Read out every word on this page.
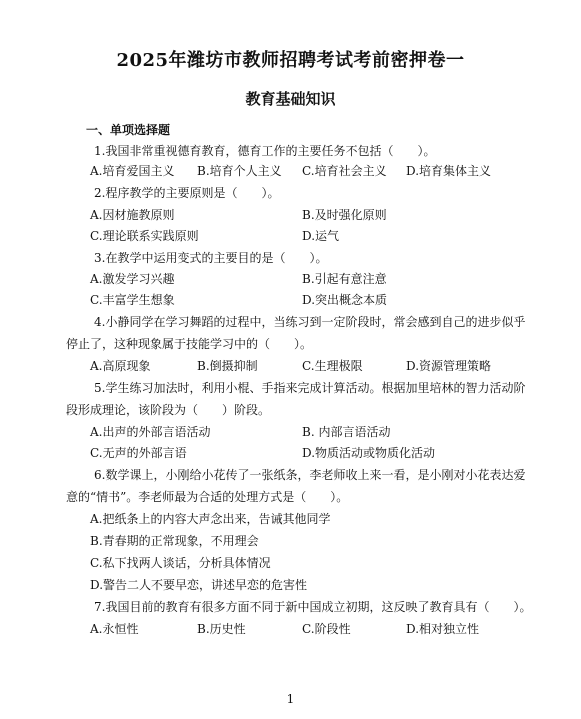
2025年潍坊市教师招聘考试考前密押卷一
教育基础知识
一、单项选择题
1.我国非常重视德育教育，德育工作的主要任务不包括（　　）。
A.培育爱国主义 B.培育个人主义 C.培育社会主义 D.培育集体主义
2.程序教学的主要原则是（　　）。
A.因材施教原则	B.及时强化原则
C.理论联系实践原则	D.运气
3.在教学中运用变式的主要目的是（　　）。
A.激发学习兴趣	B.引起有意注意
C.丰富学生想象	D.突出概念本质
4.小静同学在学习舞蹈的过程中，当练习到一定阶段时，常会感到自己的进步似乎
停止了，这种现象属于技能学习中的（　　）。
A.高原现象	B.倒摄抑制	C.生理极限	D.资源管理策略
5.学生练习加法时，利用小棍、手指来完成计算活动。根据加里培林的智力活动阶
段形成理论，该阶段为（　　）阶段。
A.出声的外部言语活动	B. 内部言语活动
C.无声的外部言语	D.物质活动或物质化活动
6.数学课上，小刚给小花传了一张纸条，李老师收上来一看，是小刚对小花表达爱
意的“情书”。李老师最为合适的处理方式是（　　）。
A.把纸条上的内容大声念出来，告诫其他同学
B.青春期的正常现象，不用理会
C.私下找两人谈话，分析具体情况
D.警告二人不要早恋，讲述早恋的危害性
7.我国目前的教育有很多方面不同于新中国成立初期，这反映了教育具有（　　）。
A.永恒性	B.历史性	C.阶段性	D.相对独立性
1
